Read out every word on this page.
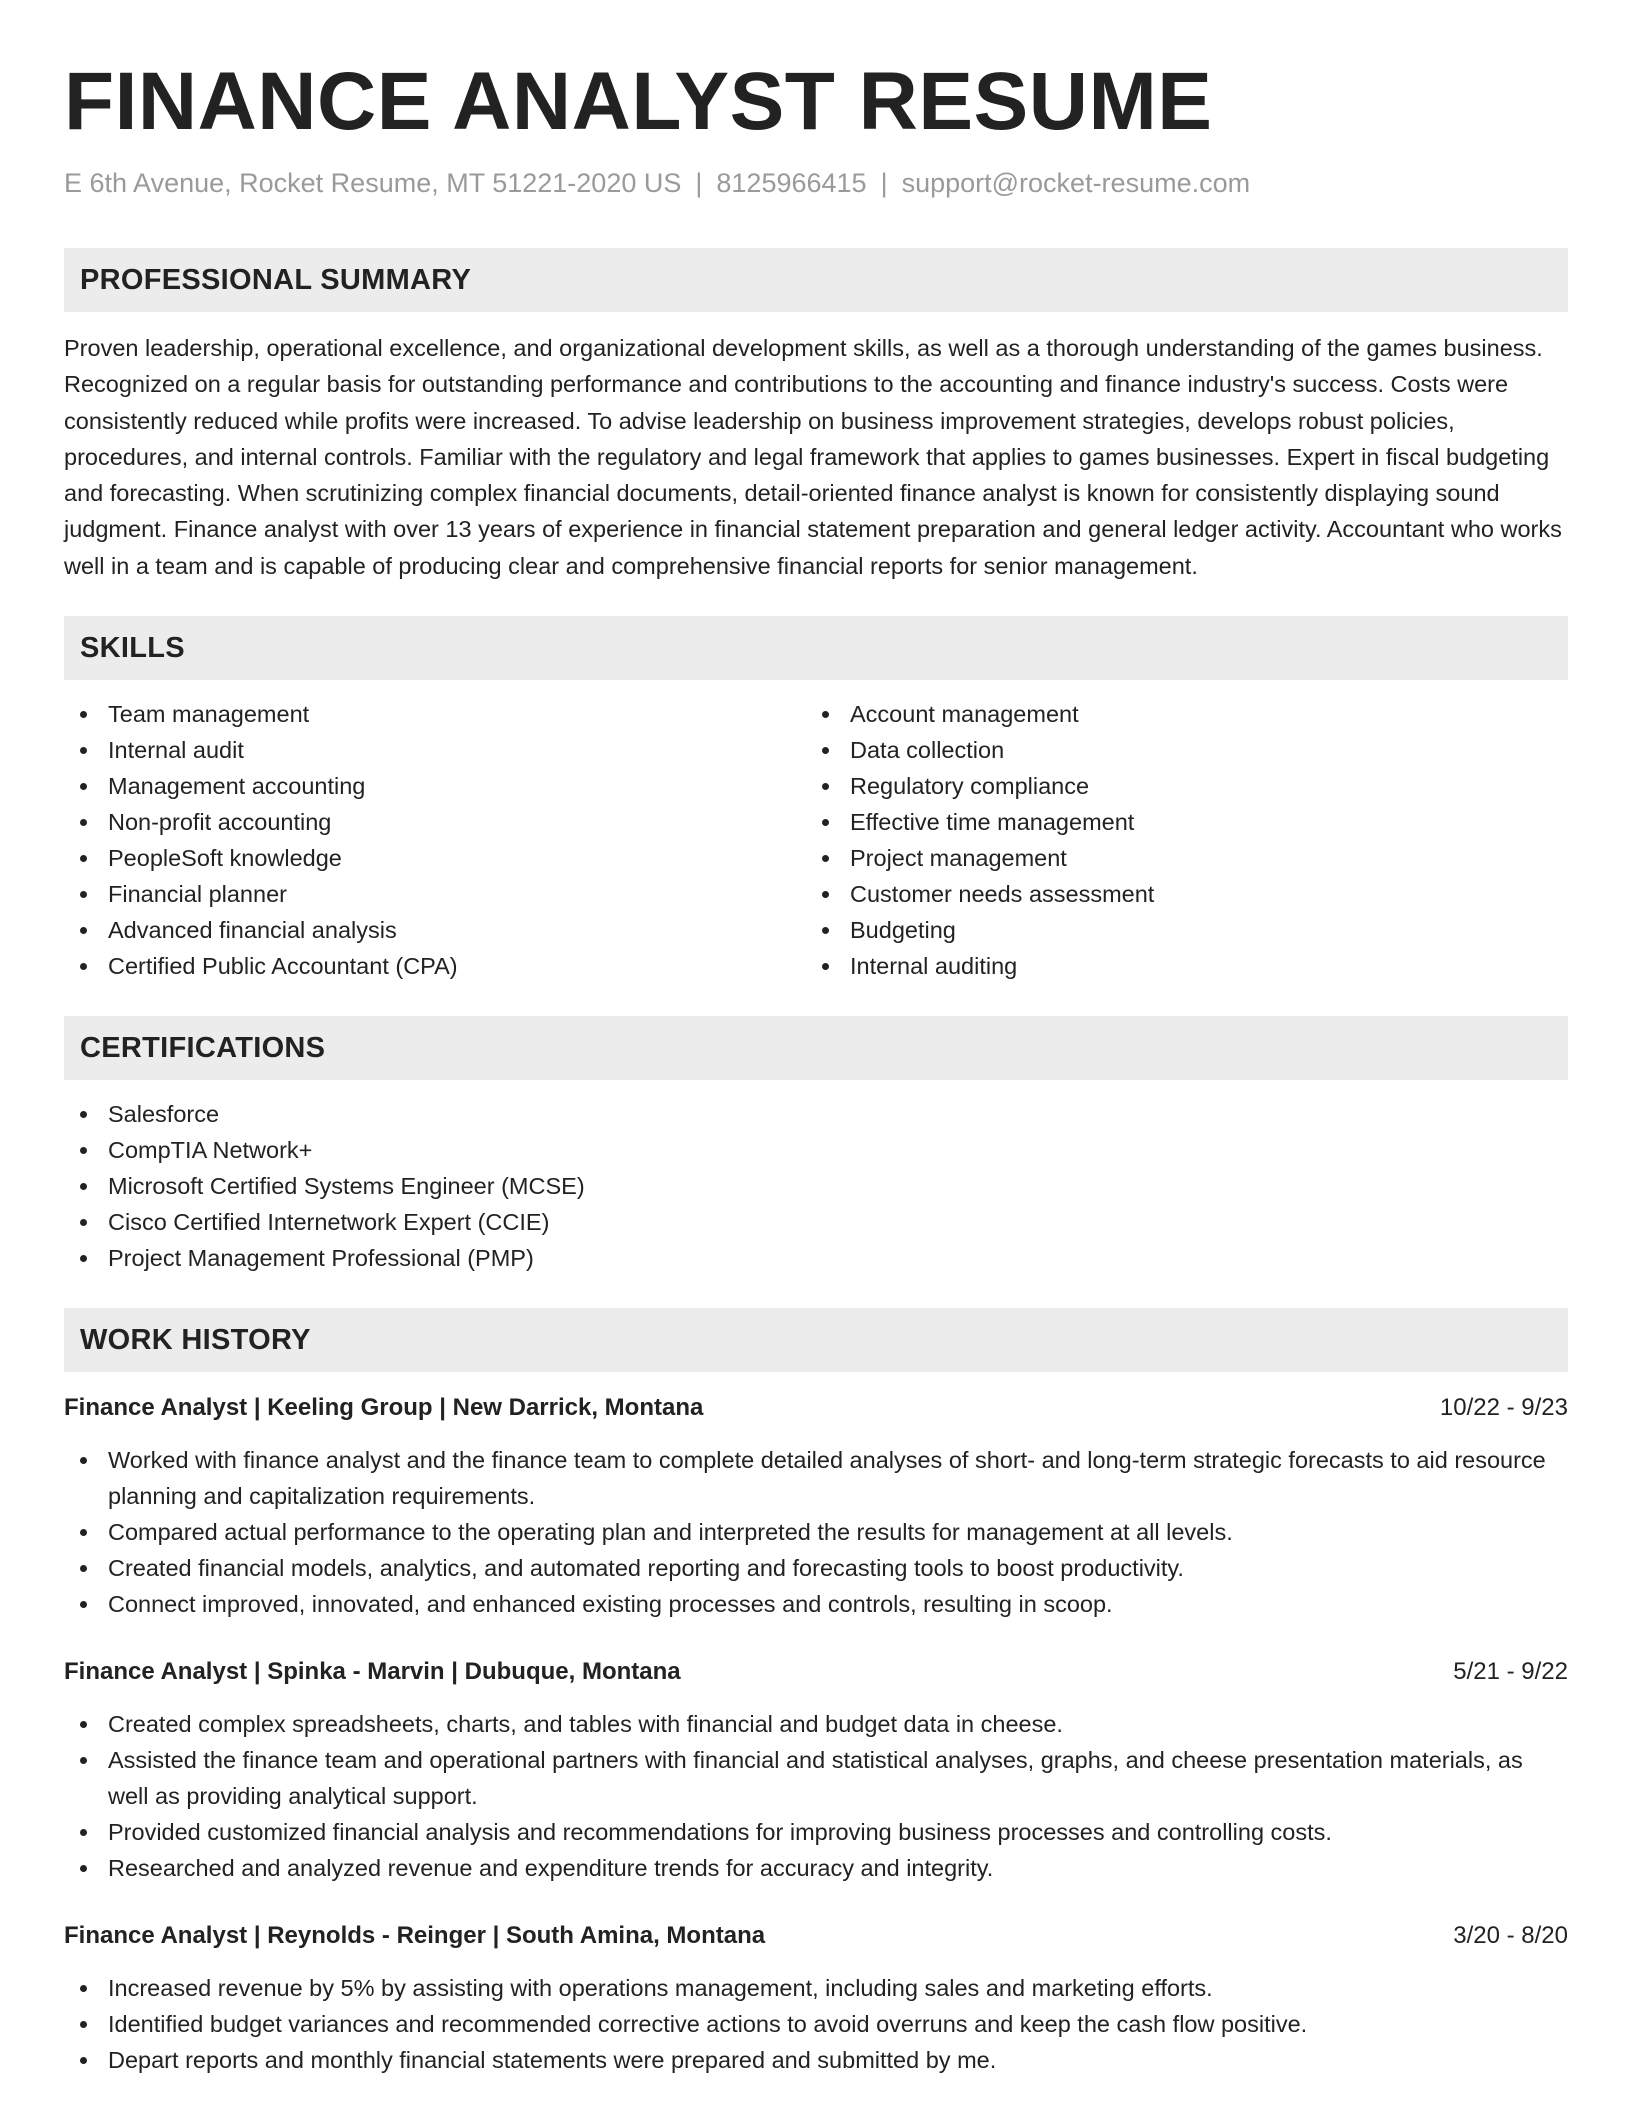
FINANCE ANALYST RESUME
E 6th Avenue, Rocket Resume, MT 51221-2020 US | 8125966415 | support@rocket-resume.com
PROFESSIONAL SUMMARY

Proven leadership, operational excellence, and organizational development skills, as well as a thorough understanding of the games business. Recognized on a regular basis for outstanding performance and contributions to the accounting and finance industry's success. Costs were consistently reduced while profits were increased. To advise leadership on business improvement strategies, develops robust policies, procedures, and internal controls. Familiar with the regulatory and legal framework that applies to games businesses. Expert in fiscal budgeting and forecasting. When scrutinizing complex financial documents, detail-oriented finance analyst is known for consistently displaying sound judgment. Finance analyst with over 13 years of experience in financial statement preparation and general ledger activity. Accountant who works well in a team and is capable of producing clear and comprehensive financial reports for senior management.

SKILLS
Team management
Internal audit
Management accounting
Non-profit accounting
PeopleSoft knowledge
Financial planner
Advanced financial analysis
Certified Public Accountant (CPA)
Account management
Data collection
Regulatory compliance
Effective time management
Project management
Customer needs assessment
Budgeting
Internal auditing
CERTIFICATIONS
Salesforce
CompTIA Network+
Microsoft Certified Systems Engineer (MCSE)
Cisco Certified Internetwork Expert (CCIE)
Project Management Professional (PMP)
WORK HISTORY
Finance Analyst | Keeling Group | New Darrick, Montana	10/22 - 9/23
Worked with finance analyst and the finance team to complete detailed analyses of short- and long-term strategic forecasts to aid resource planning and capitalization requirements.
Compared actual performance to the operating plan and interpreted the results for management at all levels.
Created financial models, analytics, and automated reporting and forecasting tools to boost productivity.
Connect improved, innovated, and enhanced existing processes and controls, resulting in scoop.
Finance Analyst | Spinka - Marvin | Dubuque, Montana	5/21 - 9/22
Created complex spreadsheets, charts, and tables with financial and budget data in cheese.
Assisted the finance team and operational partners with financial and statistical analyses, graphs, and cheese presentation materials, as well as providing analytical support.
Provided customized financial analysis and recommendations for improving business processes and controlling costs.
Researched and analyzed revenue and expenditure trends for accuracy and integrity.
Finance Analyst | Reynolds - Reinger | South Amina, Montana	3/20 - 8/20
Increased revenue by 5% by assisting with operations management, including sales and marketing efforts.
Identified budget variances and recommended corrective actions to avoid overruns and keep the cash flow positive.
Depart reports and monthly financial statements were prepared and submitted by me.
